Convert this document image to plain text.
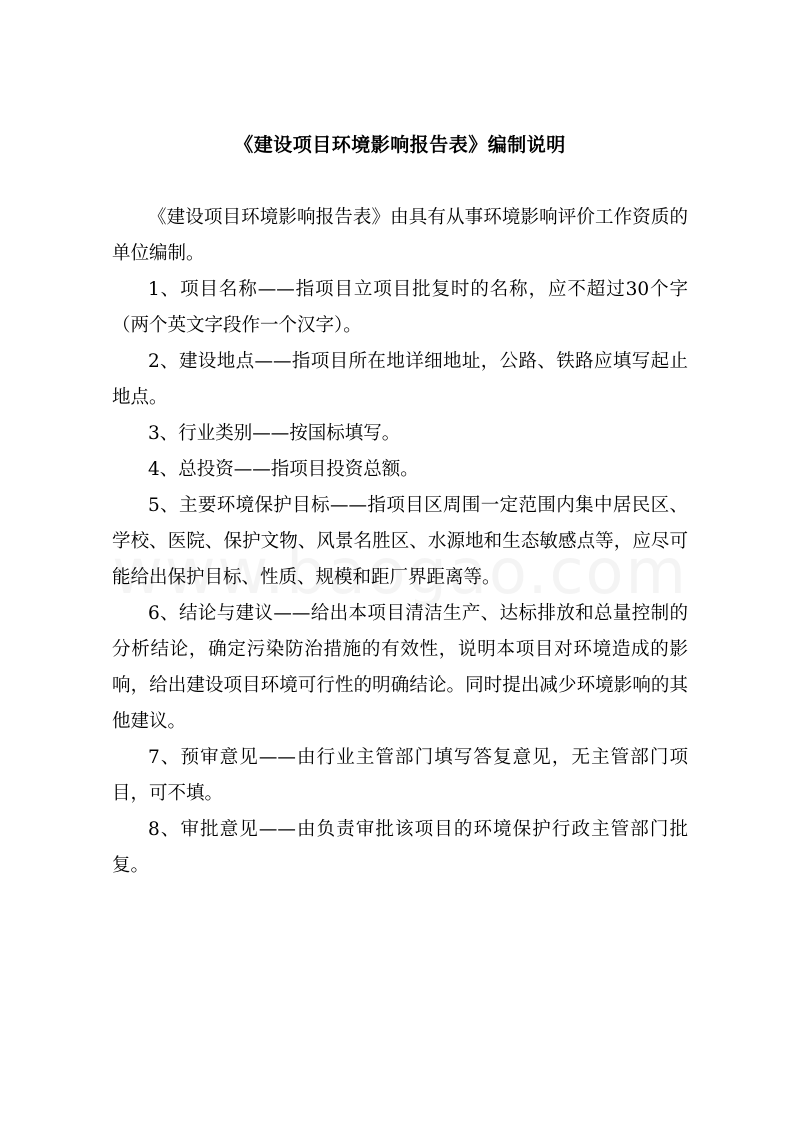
《建设项目环境影响报告表》编制说明

《建设项目环境影响报告表》由具有从事环境影响评价工作资质的单位编制。

1、项目名称——指项目立项目批复时的名称，应不超过30个字（两个英文字段作一个汉字）。

2、建设地点——指项目所在地详细地址，公路、铁路应填写起止地点。

3、行业类别——按国标填写。

4、总投资——指项目投资总额。

5、主要环境保护目标——指项目区周围一定范围内集中居民区、学校、医院、保护文物、风景名胜区、水源地和生态敏感点等，应尽可能给出保护目标、性质、规模和距厂界距离等。

6、结论与建议——给出本项目清洁生产、达标排放和总量控制的分析结论，确定污染防治措施的有效性，说明本项目对环境造成的影响，给出建设项目环境可行性的明确结论。同时提出减少环境影响的其他建议。

7、预审意见——由行业主管部门填写答复意见，无主管部门项目，可不填。

8、审批意见——由负责审批该项目的环境保护行政主管部门批复。
